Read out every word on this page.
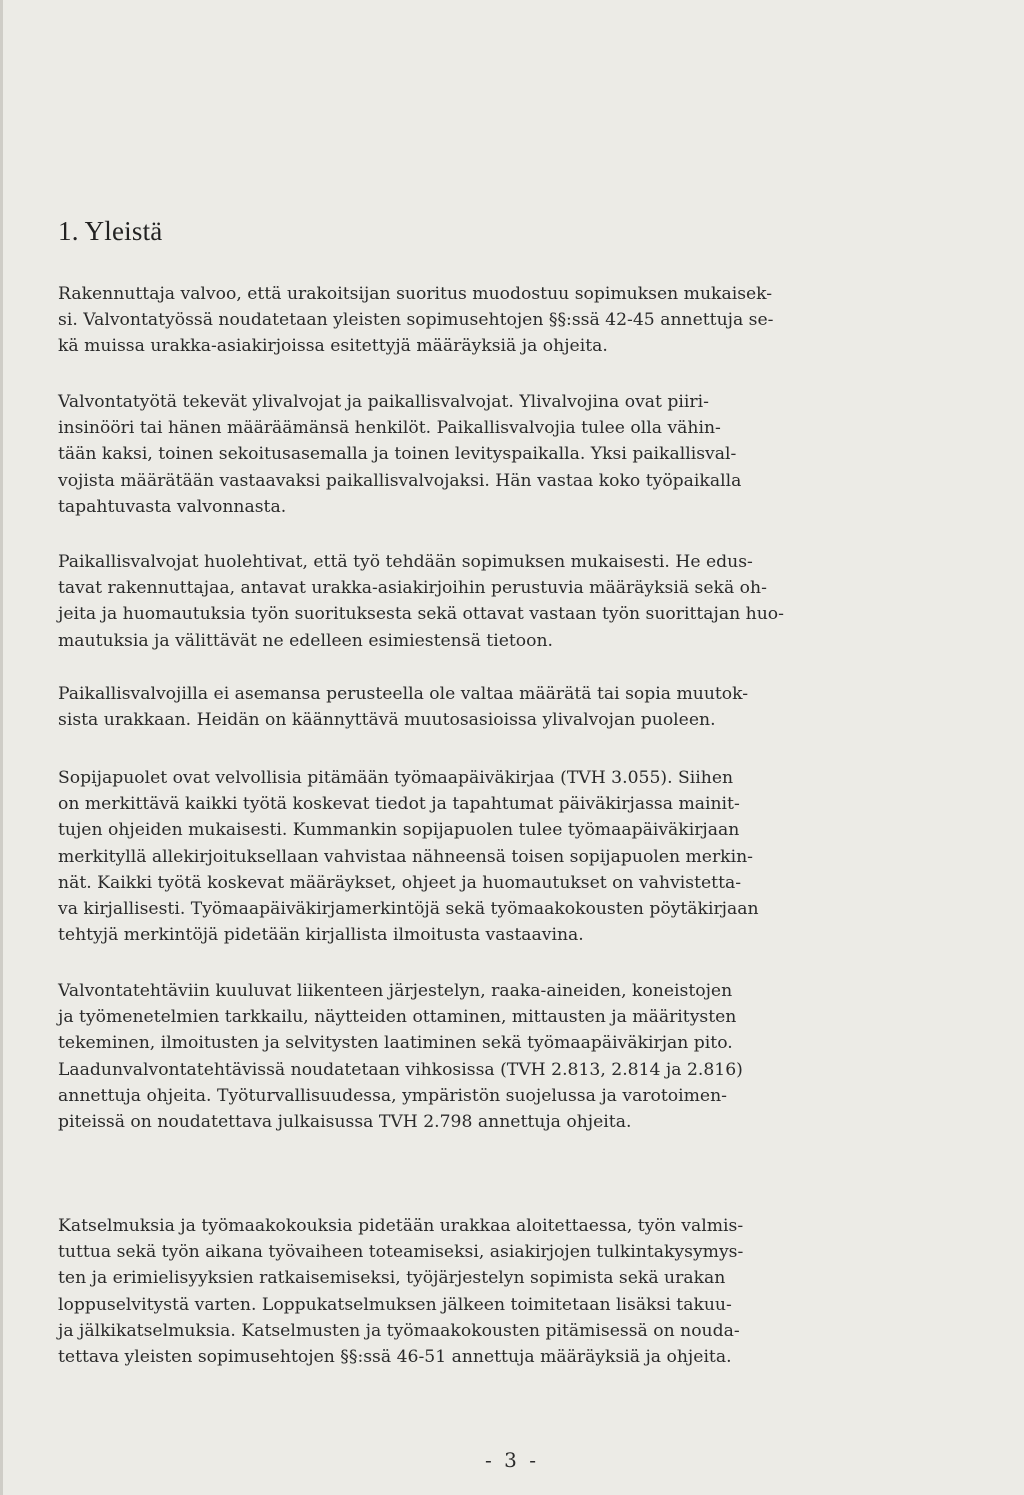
1. Yleistä
Rakennuttaja valvoo, että urakoitsijan suoritus muodostuu sopimuksen mukaisek-
si. Valvontatyössä noudatetaan yleisten sopimusehtojen §§:ssä 42-45 annettuja se-
kä muissa urakka-asiakirjoissa esitettyjä määräyksiä ja ohjeita.
Valvontatyötä tekevät ylivalvojat ja paikallisvalvojat. Ylivalvojina ovat piiri-
insinööri tai hänen määräämänsä henkilöt. Paikallisvalvojia tulee olla vähin-
tään kaksi, toinen sekoitusasemalla ja toinen levityspaikalla. Yksi paikallisval-
vojista määrätään vastaavaksi paikallisvalvojaksi. Hän vastaa koko työpaikalla
tapahtuvasta valvonnasta.
Paikallisvalvojat huolehtivat, että työ tehdään sopimuksen mukaisesti. He edus-
tavat rakennuttajaa, antavat urakka-asiakirjoihin perustuvia määräyksiä sekä oh-
jeita ja huomautuksia työn suorituksesta sekä ottavat vastaan työn suorittajan huo-
mautuksia ja välittävät ne edelleen esimiestensä tietoon.
Paikallisvalvojilla ei asemansa perusteella ole valtaa määrätä tai sopia muutok-
sista urakkaan. Heidän on käännyttävä muutosasioissa ylivalvojan puoleen.
Sopijapuolet ovat velvollisia pitämään työmaapäiväkirjaa (TVH 3.055). Siihen
on merkittävä kaikki työtä koskevat tiedot ja tapahtumat päiväkirjassa mainit-
tujen ohjeiden mukaisesti. Kummankin sopijapuolen tulee työmaapäiväkirjaan
merkityllä allekirjoituksellaan vahvistaa nähneensä toisen sopijapuolen merkin-
nät. Kaikki työtä koskevat määräykset, ohjeet ja huomautukset on vahvistetta-
va kirjallisesti. Työmaapäiväkirjamerkintöjä sekä työmaakokousten pöytäkirjaan
tehtyjä merkintöjä pidetään kirjallista ilmoitusta vastaavina.
Valvontatehtäviin kuuluvat liikenteen järjestelyn, raaka-aineiden, koneistojen
ja työmenetelmien tarkkailu, näytteiden ottaminen, mittausten ja määritysten
tekeminen, ilmoitusten ja selvitysten laatiminen sekä työmaapäiväkirjan pito.
Laadunvalvontatehtävissä noudatetaan vihkosissa (TVH 2.813, 2.814 ja 2.816)
annettuja ohjeita. Työturvallisuudessa, ympäristön suojelussa ja varotoimen-
piteissä on noudatettava julkaisussa TVH 2.798 annettuja ohjeita.
Katselmuksia ja työmaakokouksia pidetään urakkaa aloitettaessa, työn valmis-
tuttua sekä työn aikana työvaiheen toteamiseksi, asiakirjojen tulkintakysymys-
ten ja erimielisyyksien ratkaisemiseksi, työjärjestelyn sopimista sekä urakan
loppuselvitystä varten. Loppukatselmuksen jälkeen toimitetaan lisäksi takuu-
ja jälkikatselmuksia. Katselmusten ja työmaakokousten pitämisessä on nouda-
tettava yleisten sopimusehtojen §§:ssä 46-51 annettuja määräyksiä ja ohjeita.

- 3 -
